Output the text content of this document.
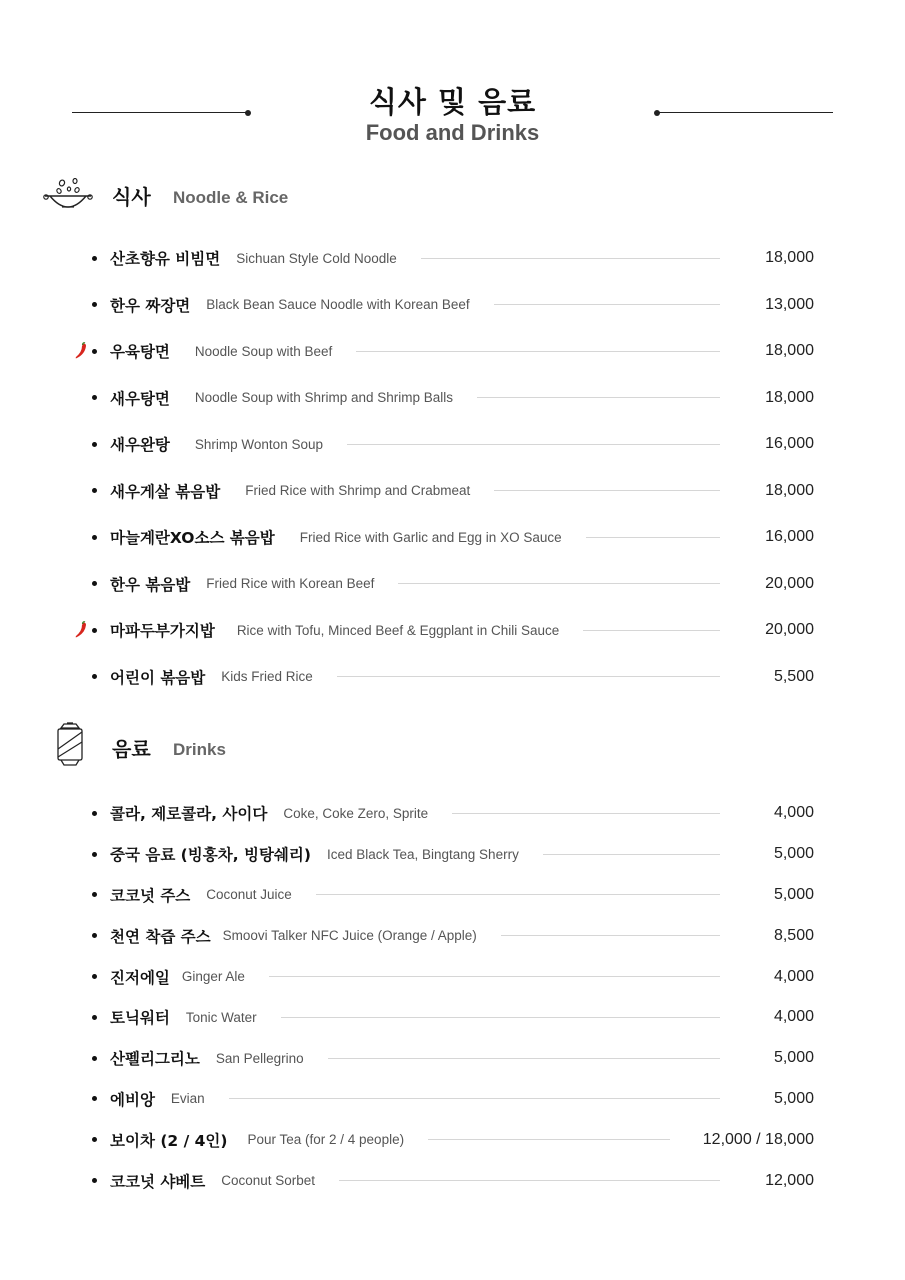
식사 및 음료
Food and Drinks
식사 Noodle & Rice
산초향유 비빔면 Sichuan Style Cold Noodle	18,000
한우 짜장면 Black Bean Sauce Noodle with Korean Beef	13,000
우육탕면 Noodle Soup with Beef	18,000
새우탕면 Noodle Soup with Shrimp and Shrimp Balls	18,000
새우완탕 Shrimp Wonton Soup	16,000
새우게살 볶음밥 Fried Rice with Shrimp and Crabmeat	18,000
마늘계란XO소스 볶음밥 Fried Rice with Garlic and Egg in XO Sauce	16,000
한우 볶음밥 Fried Rice with Korean Beef	20,000
마파두부가지밥 Rice with Tofu, Minced Beef & Eggplant in Chili Sauce	20,000
어린이 볶음밥 Kids Fried Rice	5,500
음료 Drinks
콜라, 제로콜라, 사이다 Coke, Coke Zero, Sprite	4,000
중국 음료 (빙홍차, 빙탕쉐리) Iced Black Tea, Bingtang Sherry	5,000
코코넛 주스 Coconut Juice	5,000
천연 착즙 주스 Smoovi Talker NFC Juice (Orange / Apple)	8,500
진저에일 Ginger Ale	4,000
토닉워터 Tonic Water	4,000
산펠리그리노 San Pellegrino	5,000
에비앙 Evian	5,000
보이차 (2 / 4인) Pour Tea (for 2 / 4 people)	12,000 / 18,000
코코넛 샤베트 Coconut Sorbet	12,000
